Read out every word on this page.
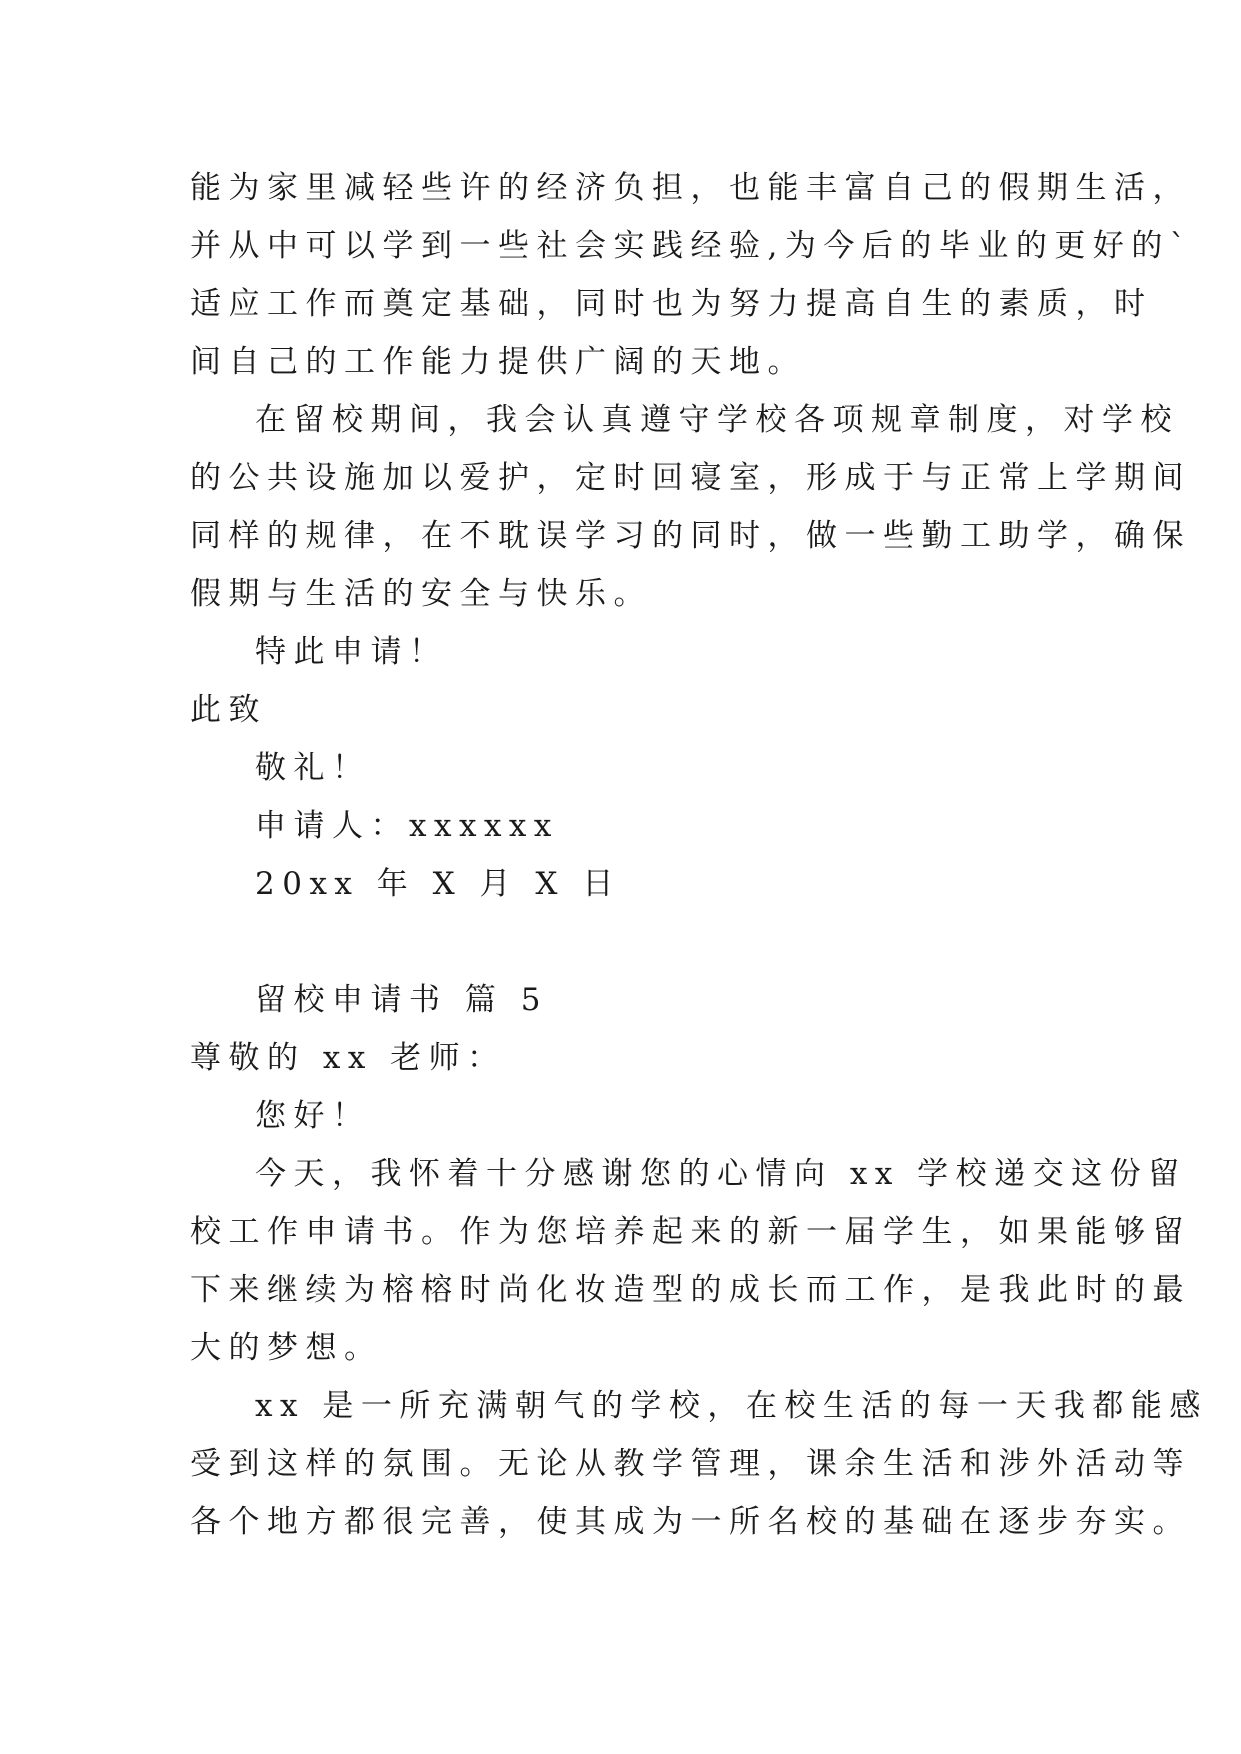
能为家里减轻些许的经济负担，也能丰富自己的假期生活，
并从中可以学到一些社会实践经验,为今后的毕业的更好的`
适应工作而奠定基础，同时也为努力提高自生的素质，时
间自己的工作能力提供广阔的天地。
在留校期间，我会认真遵守学校各项规章制度，对学校
的公共设施加以爱护，定时回寝室，形成于与正常上学期间
同样的规律，在不耽误学习的同时，做一些勤工助学，确保
假期与生活的安全与快乐。
特此申请！
此致
敬礼！
申请人：xxxxxx
20xx 年 X 月 X 日
留校申请书 篇 5
尊敬的 xx 老师：
您好！
今天，我怀着十分感谢您的心情向 xx 学校递交这份留
校工作申请书。作为您培养起来的新一届学生，如果能够留
下来继续为榕榕时尚化妆造型的成长而工作，是我此时的最
大的梦想。
xx 是一所充满朝气的学校，在校生活的每一天我都能感
受到这样的氛围。无论从教学管理，课余生活和涉外活动等
各个地方都很完善，使其成为一所名校的基础在逐步夯实。
